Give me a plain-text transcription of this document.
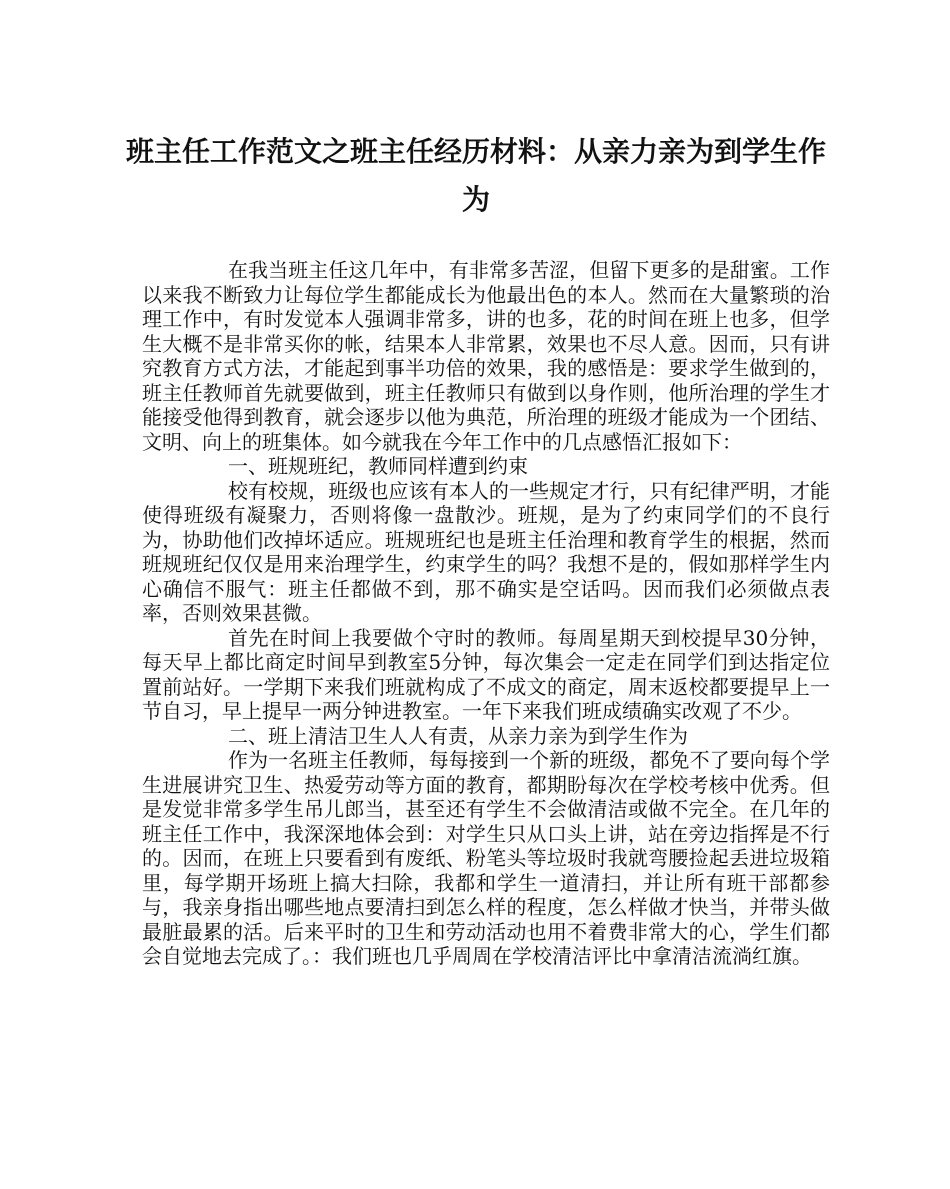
班主任工作范文之班主任经历材料：从亲力亲为到学生作为

在我当班主任这几年中，有非常多苦涩，但留下更多的是甜蜜。工作以来我不断致力让每位学生都能成长为他最出色的本人。然而在大量繁琐的治理工作中，有时发觉本人强调非常多，讲的也多，花的时间在班上也多，但学生大概不是非常买你的帐，结果本人非常累，效果也不尽人意。因而，只有讲究教育方式方法，才能起到事半功倍的效果，我的感悟是：要求学生做到的，班主任教师首先就要做到，班主任教师只有做到以身作则，他所治理的学生才能接受他得到教育，就会逐步以他为典范，所治理的班级才能成为一个团结、文明、向上的班集体。如今就我在今年工作中的几点感悟汇报如下：

一、班规班纪，教师同样遭到约束

校有校规，班级也应该有本人的一些规定才行，只有纪律严明，才能使得班级有凝聚力，否则将像一盘散沙。班规，是为了约束同学们的不良行为，协助他们改掉坏适应。班规班纪也是班主任治理和教育学生的根据，然而班规班纪仅仅是用来治理学生，约束学生的吗？我想不是的，假如那样学生内心确信不服气：班主任都做不到，那不确实是空话吗。因而我们必须做点表率，否则效果甚微。

首先在时间上我要做个守时的教师。每周星期天到校提早30分钟，每天早上都比商定时间早到教室5分钟，每次集会一定走在同学们到达指定位置前站好。一学期下来我们班就构成了不成文的商定，周末返校都要提早上一节自习，早上提早一两分钟进教室。一年下来我们班成绩确实改观了不少。

二、班上清洁卫生人人有责，从亲力亲为到学生作为

作为一名班主任教师，每每接到一个新的班级，都免不了要向每个学生进展讲究卫生、热爱劳动等方面的教育，都期盼每次在学校考核中优秀。但是发觉非常多学生吊儿郎当，甚至还有学生不会做清洁或做不完全。在几年的班主任工作中，我深深地体会到：对学生只从口头上讲，站在旁边指挥是不行的。因而，在班上只要看到有废纸、粉笔头等垃圾时我就弯腰捡起丢进垃圾箱里，每学期开场班上搞大扫除，我都和学生一道清扫，并让所有班干部都参与，我亲身指出哪些地点要清扫到怎么样的程度，怎么样做才快当，并带头做最脏最累的活。后来平时的卫生和劳动活动也用不着费非常大的心，学生们都会自觉地去完成了。：我们班也几乎周周在学校清洁评比中拿清洁流淌红旗。
